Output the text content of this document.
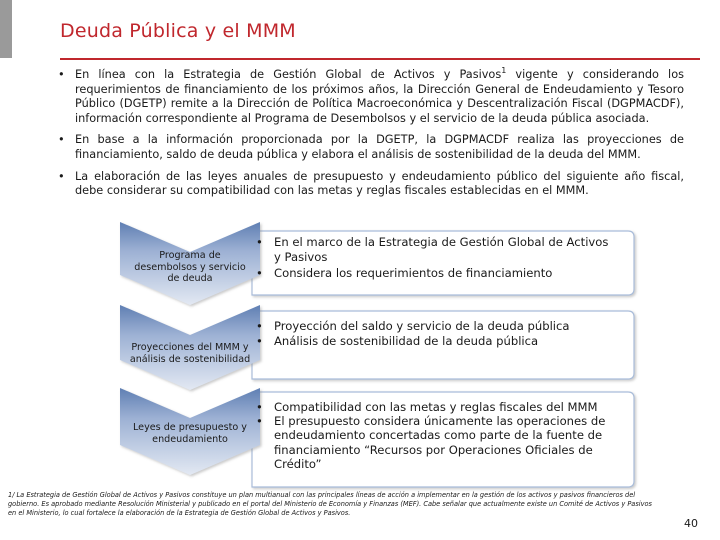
Deuda Pública y el MMM
• En línea con la Estrategia de Gestión Global de Activos y Pasivos$^1$ vigente y considerando los requerimientos de financiamiento de los próximos años, la Dirección General de Endeudamiento y Tesoro Público (DGETP) remite a la Dirección de Política Macroeconómica y Descentralización Fiscal (DGPMACDF), información correspondiente al Programa de Desembolsos y el servicio de la deuda pública asociada.
• En base a la información proporcionada por la DGETP, la DGPMACDF realiza las proyecciones de financiamiento, saldo de deuda pública y elabora el análisis de sostenibilidad de la deuda del MMM.
• La elaboración de las leyes anuales de presupuesto y endeudamiento público del siguiente año fiscal, debe considerar su compatibilidad con las metas y reglas fiscales establecidas en el MMM.
Programa de desembolsos y servicio de deuda
Proyecciones del MMM y análisis de sostenibilidad
Leyes de presupuesto y endeudamiento
• En el marco de la Estrategia de Gestión Global de Activos y Pasivos
• Considera los requerimientos de financiamiento
• Proyección del saldo y servicio de la deuda pública
• Análisis de sostenibilidad de la deuda pública
• Compatibilidad con las metas y reglas fiscales del MMM
• El presupuesto considera únicamente las operaciones de endeudamiento concertadas como parte de la fuente de financiamiento “Recursos por Operaciones Oficiales de Crédito”
1/ La Estrategia de Gestión Global de Activos y Pasivos constituye un plan multianual con las principales líneas de acción a implementar en la gestión de los activos y pasivos financieros del gobierno. Es aprobado mediante Resolución Ministerial y publicado en el portal del Ministerio de Economía y Finanzas (MEF). Cabe señalar que actualmente existe un Comité de Activos y Pasivos en el Ministerio, lo cual fortalece la elaboración de la Estrategia de Gestión Global de Activos y Pasivos.
40
